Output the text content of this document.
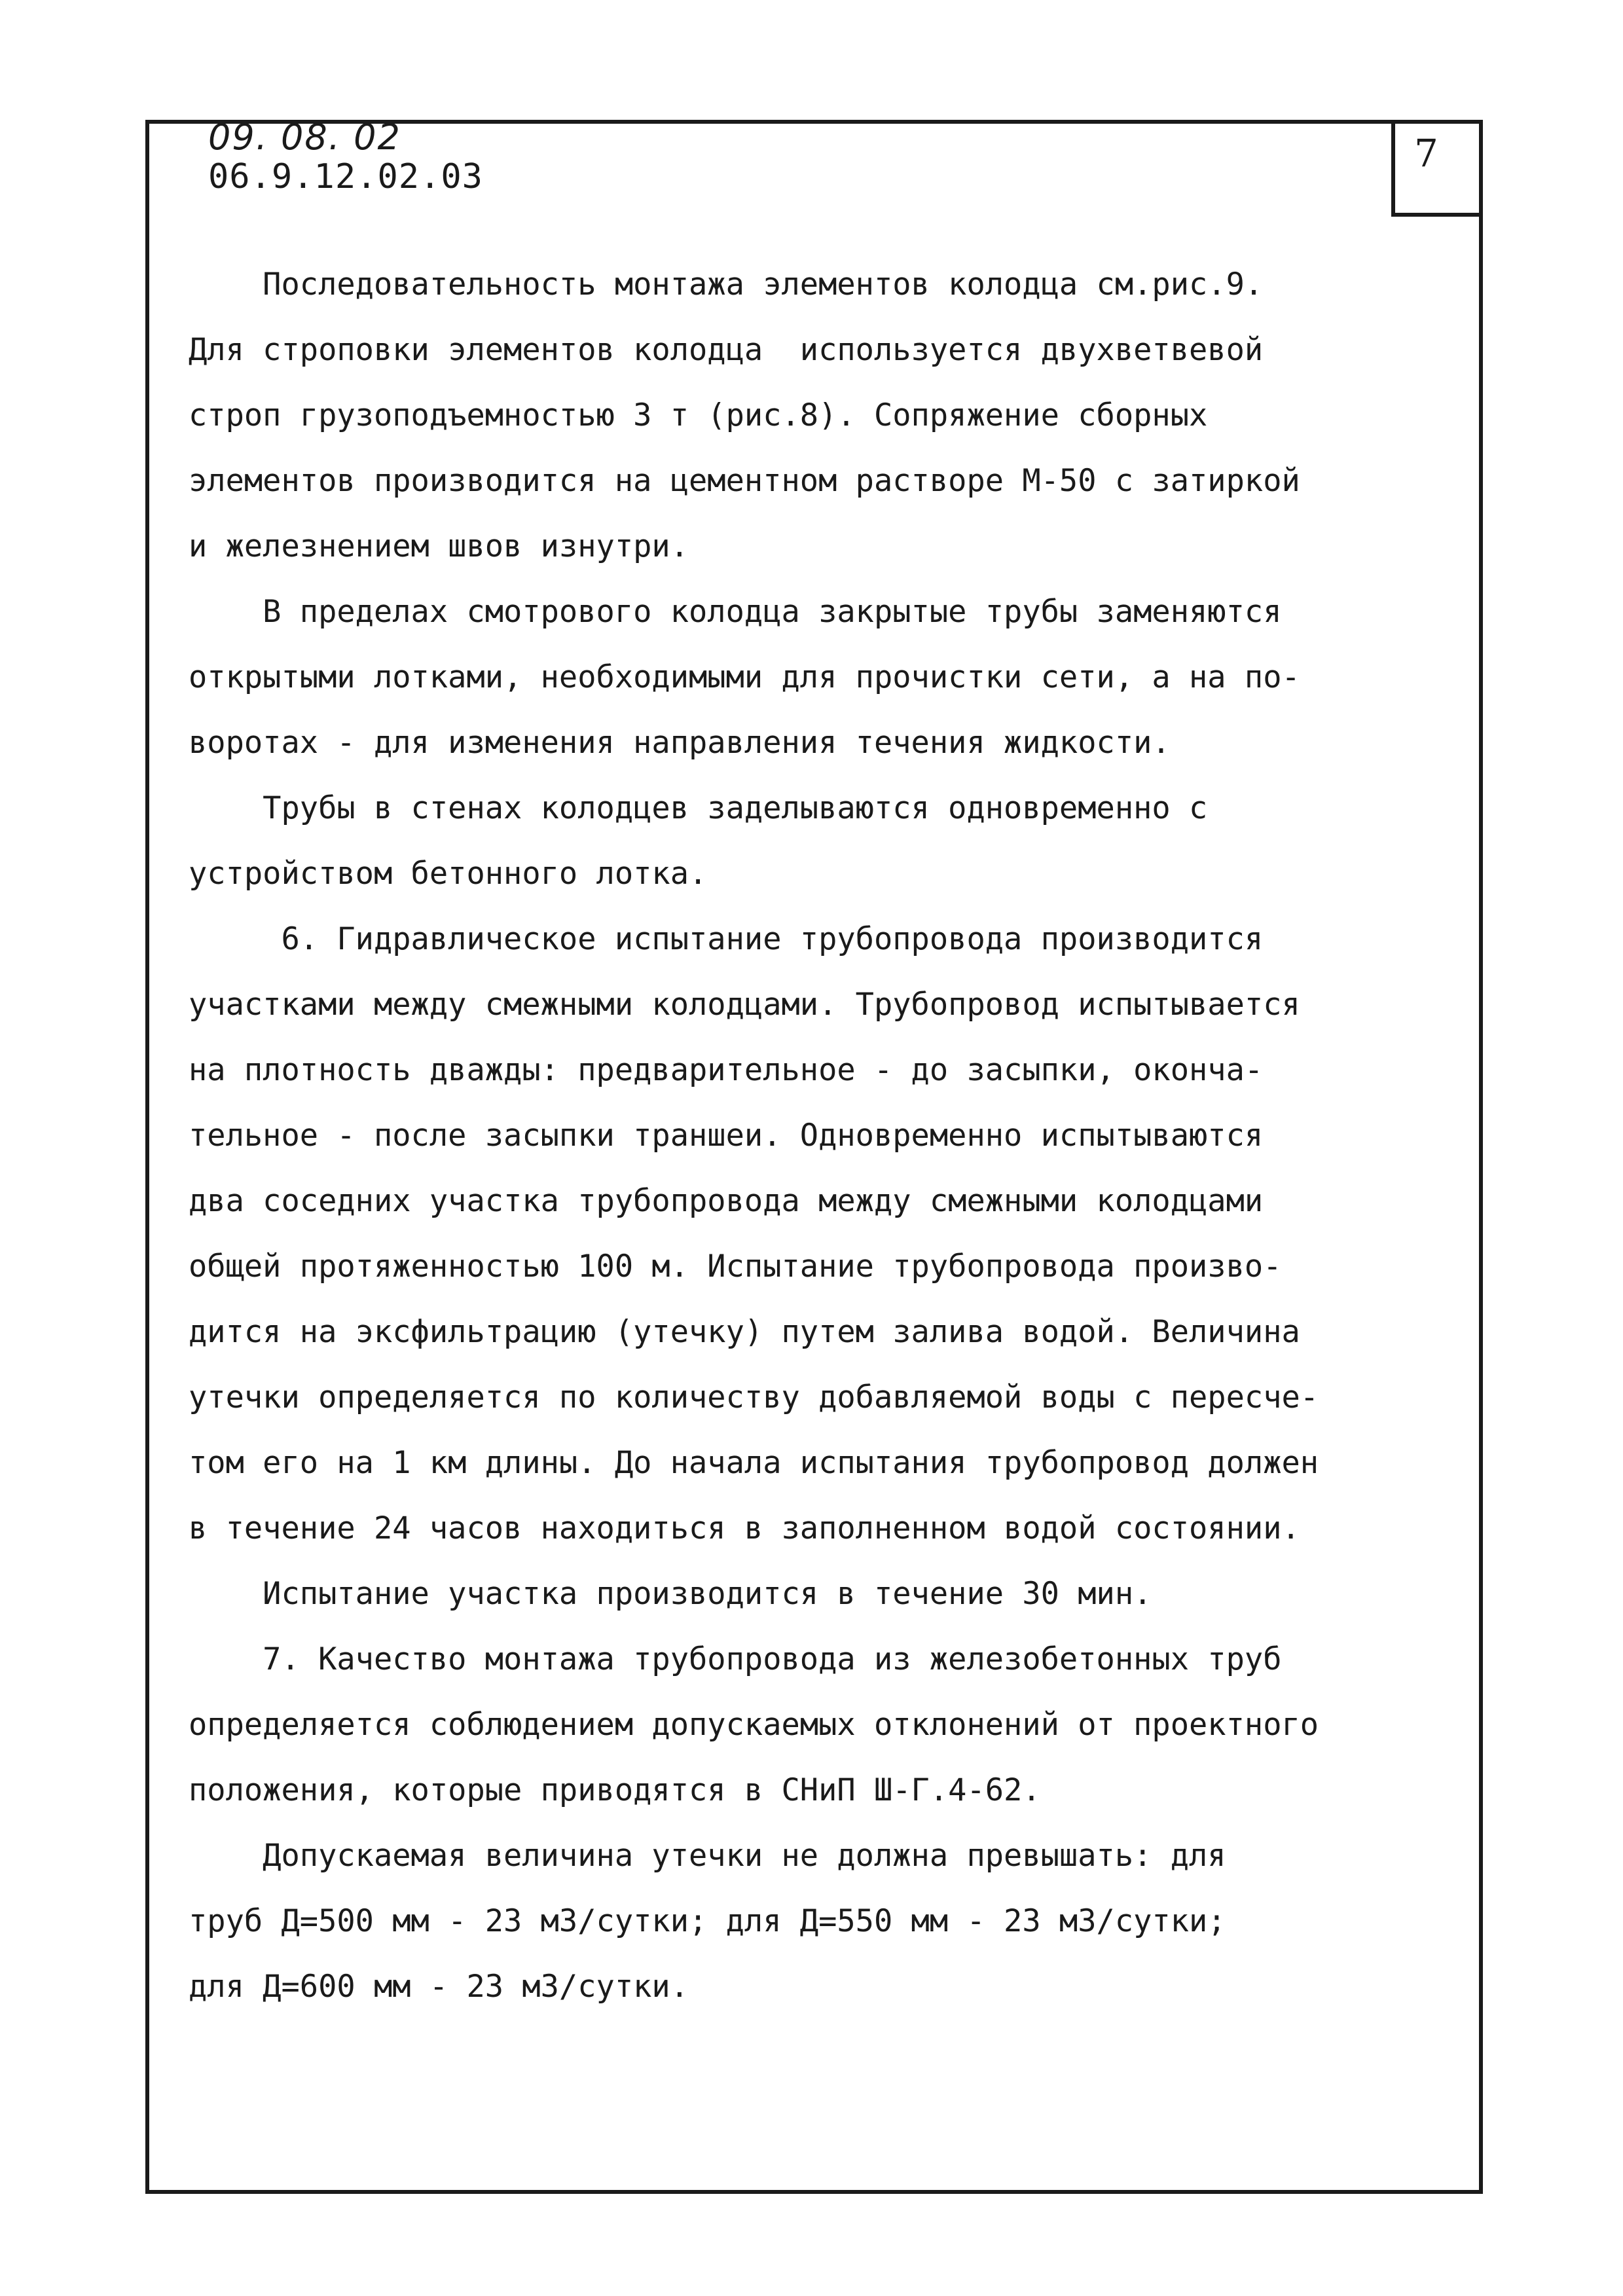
7
09. 08. 02
06.9.12.02.03

Последовательность монтажа элементов колодца см.рис.9.

Для строповки элементов колодца  используется двухветвевой

строп грузоподъемностью 3 т (рис.8). Сопряжение сборных

элементов производится на цементном растворе М-50 с затиркой

и железнением швов изнутри.

В пределах смотрового колодца закрытые трубы заменяются

открытыми лотками, необходимыми для прочистки сети, а на по-

воротах - для изменения направления течения жидкости.

Трубы в стенах колодцев заделываются одновременно с

устройством бетонного лотка.

6. Гидравлическое испытание трубопровода производится

участками между смежными колодцами. Трубопровод испытывается

на плотность дважды: предварительное - до засыпки, оконча-

тельное - после засыпки траншеи. Одновременно испытываются

два соседних участка трубопровода между смежными колодцами

общей протяженностью 100 м. Испытание трубопровода произво-

дится на эксфильтрацию (утечку) путем залива водой. Величина

утечки определяется по количеству добавляемой воды с пересче-

том его на 1 км длины. До начала испытания трубопровод должен

в течение 24 часов находиться в заполненном водой состоянии.

Испытание участка производится в течение 30 мин.

7. Качество монтажа трубопровода из железобетонных труб

определяется соблюдением допускаемых отклонений от проектного

положения, которые приводятся в СНиП Ш-Г.4-62.

Допускаемая величина утечки не должна превышать: для

труб Д=500 мм - 23 м3/сутки; для Д=550 мм - 23 м3/сутки;

для Д=600 мм - 23 м3/сутки.
